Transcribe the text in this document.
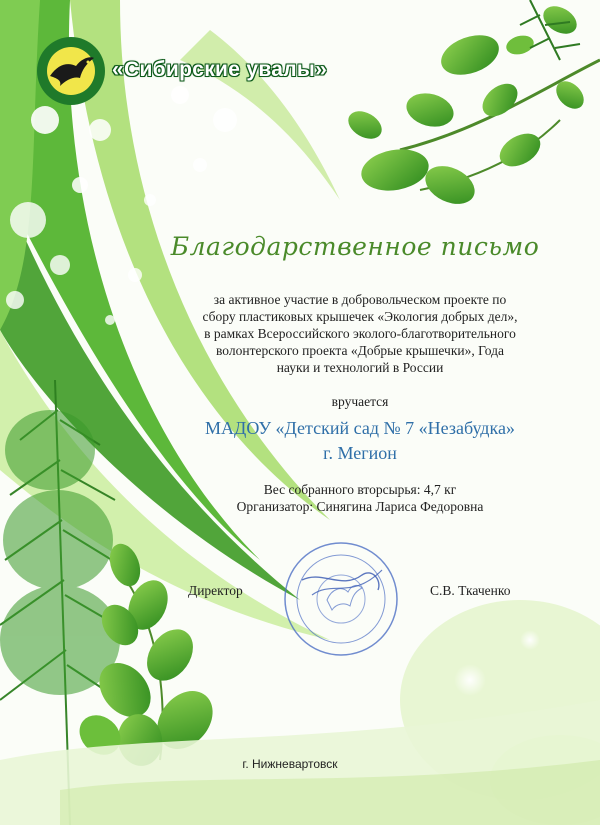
«Сибирские увалы»
Благодарственное письмо
за активное участие в добровольческом проекте по
сбору пластиковых крышечек «Экология добрых дел»,
в рамках Всероссийского эколого-благотворительного
волонтерского проекта «Добрые крышечки», Года
науки и технологий в России
вручается
МАДОУ «Детский сад № 7 «Незабудка»
г. Мегион
Вес собранного вторсырья: 4,7 кг
Организатор: Синягина Лариса Федоровна
Директор	С.В. Ткаченко
г. Нижневартовск
